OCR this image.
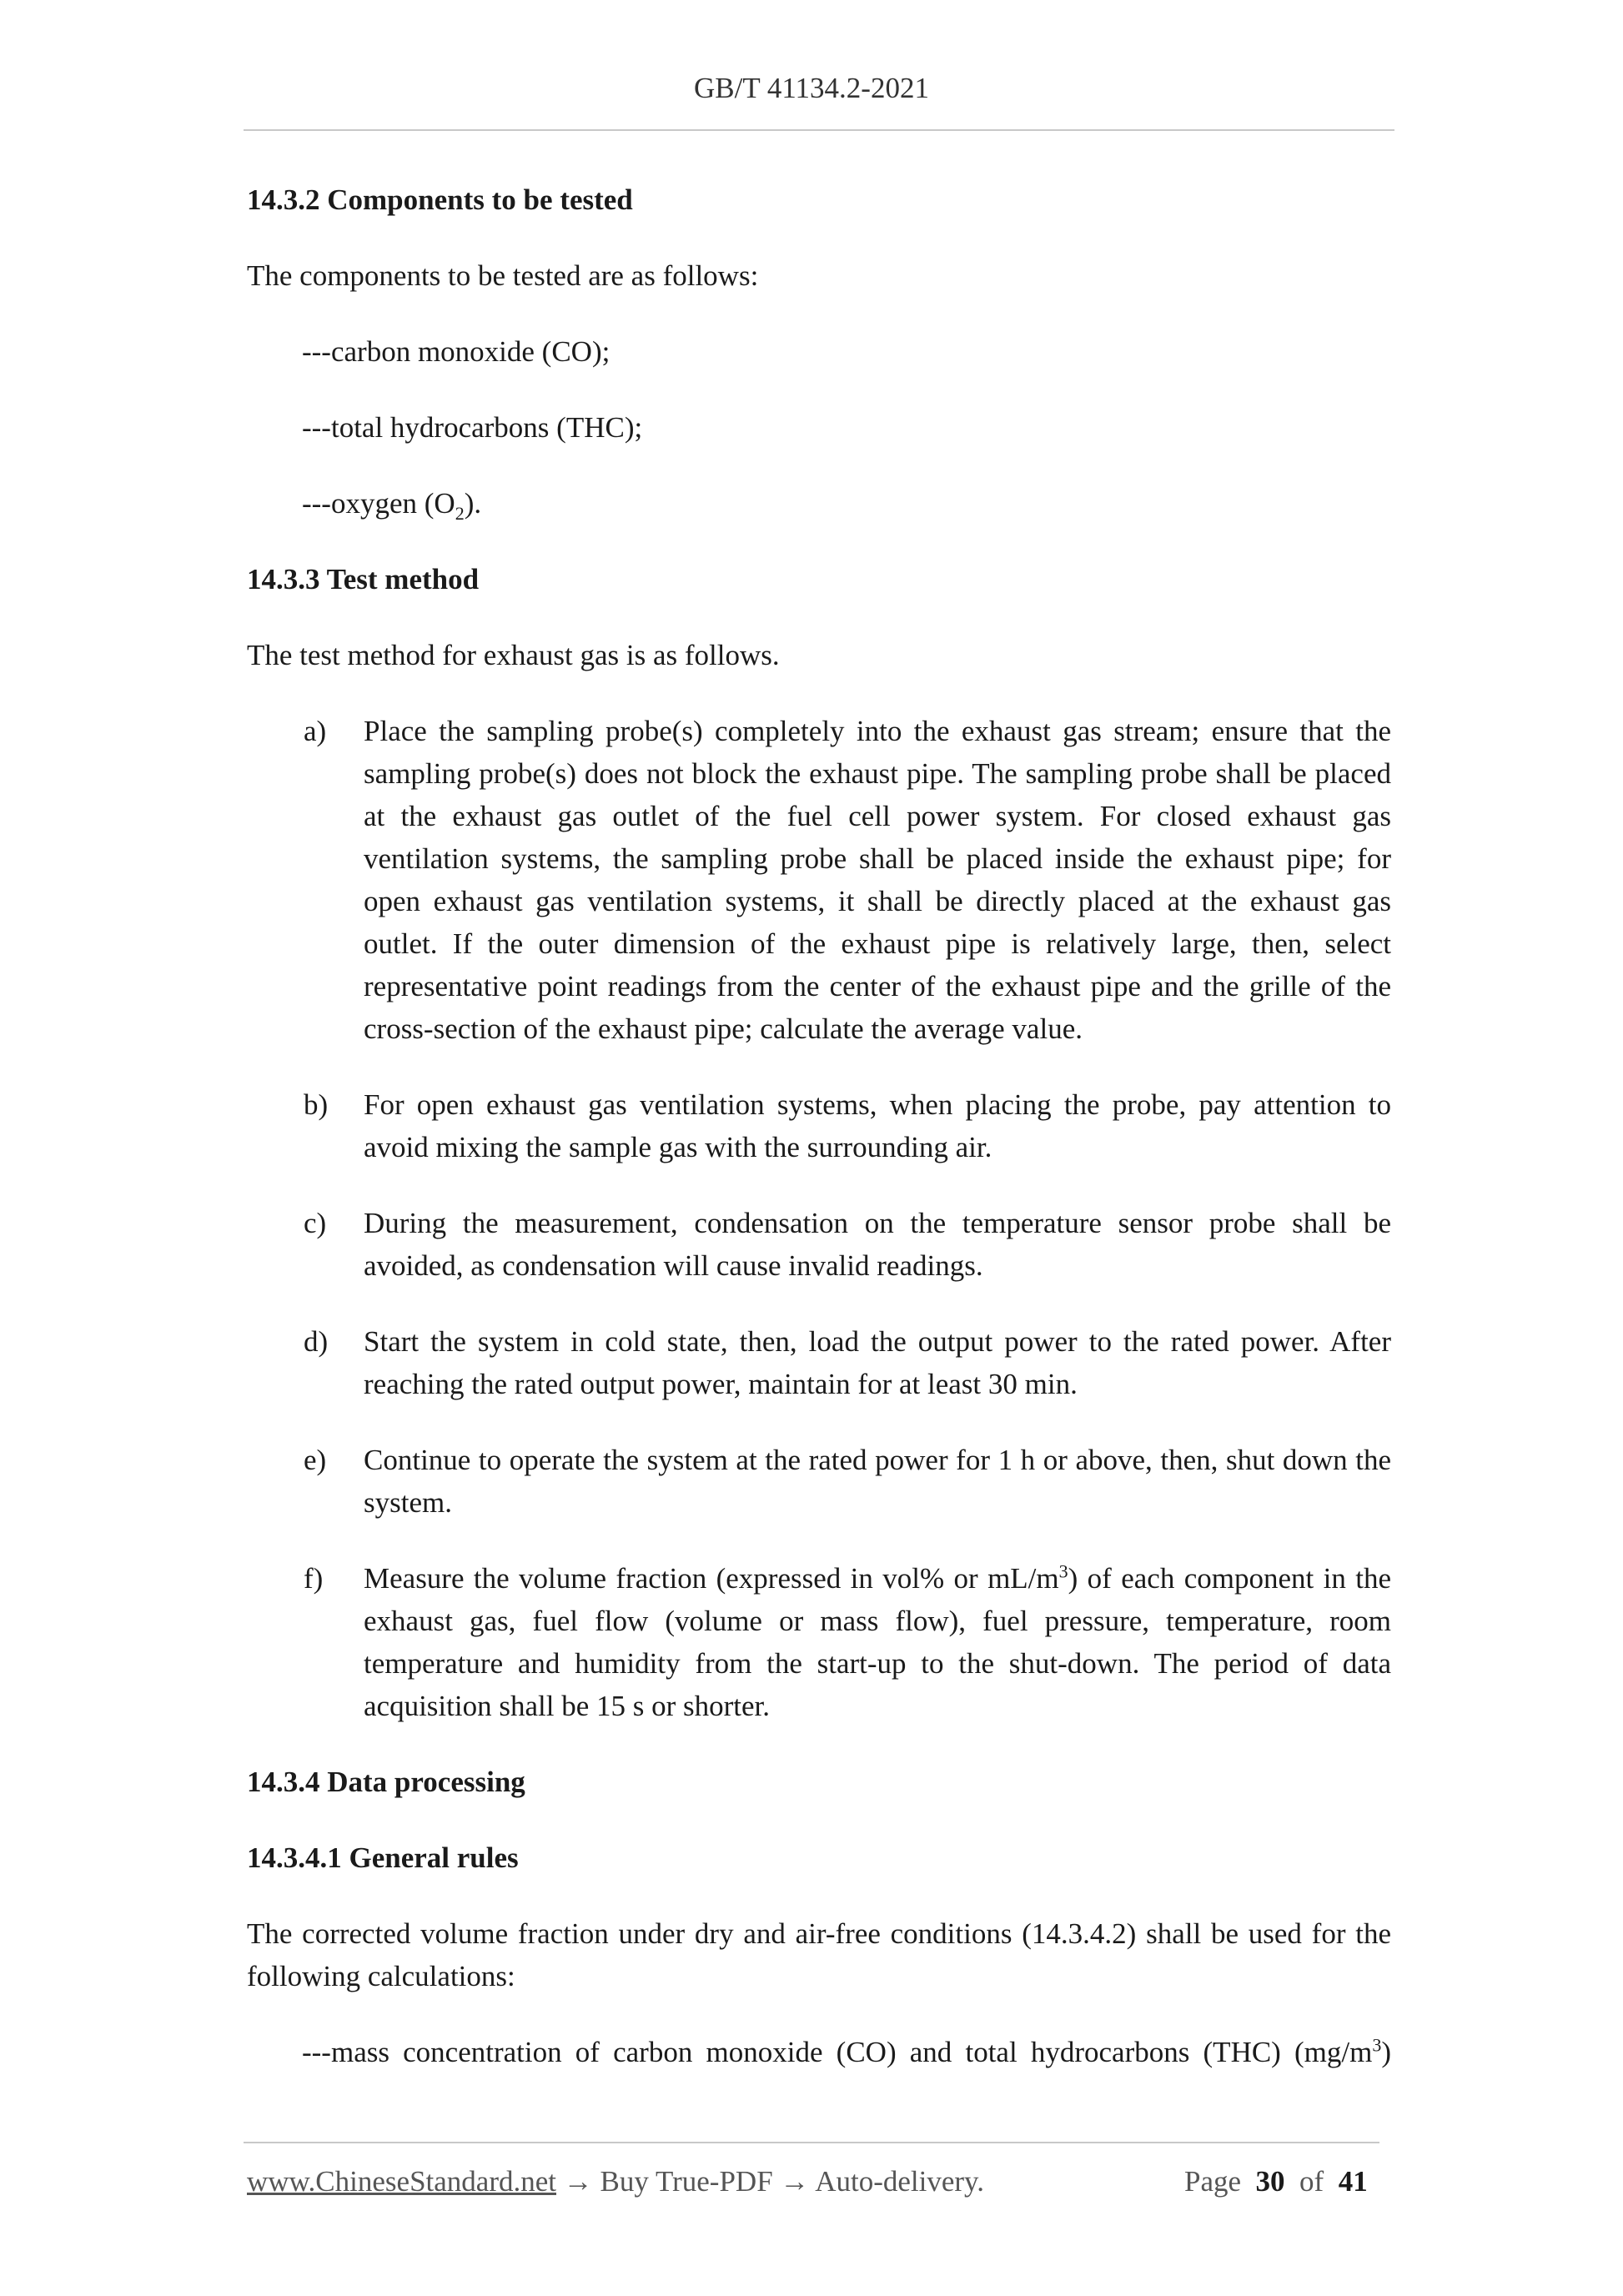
GB/T 41134.2-2021
14.3.2 Components to be tested
The components to be tested are as follows:
---carbon monoxide (CO);
---total hydrocarbons (THC);
---oxygen $(O_2)$.
14.3.3 Test method
The test method for exhaust gas is as follows.
a)	Place the sampling probe(s) completely into the exhaust gas stream; ensure that the sampling probe(s) does not block the exhaust pipe. The sampling probe shall be placed at the exhaust gas outlet of the fuel cell power system. For closed exhaust gas ventilation systems, the sampling probe shall be placed inside the exhaust pipe; for open exhaust gas ventilation systems, it shall be directly placed at the exhaust gas outlet. If the outer dimension of the exhaust pipe is relatively large, then, select representative point readings from the center of the exhaust pipe and the grille of the cross-section of the exhaust pipe; calculate the average value.
b)	For open exhaust gas ventilation systems, when placing the probe, pay attention to avoid mixing the sample gas with the surrounding air.
c)	During the measurement, condensation on the temperature sensor probe shall be avoided, as condensation will cause invalid readings.
d)	Start the system in cold state, then, load the output power to the rated power. After reaching the rated output power, maintain for at least 30 min.
e)	Continue to operate the system at the rated power for 1 h or above, then, shut down the system.
f)	Measure the volume fraction (expressed in vol% or $mL/m^3$) of each component in the exhaust gas, fuel flow (volume or mass flow), fuel pressure, temperature, room temperature and humidity from the start-up to the shut-down. The period of data acquisition shall be 15 s or shorter.
14.3.4 Data processing
14.3.4.1 General rules
The corrected volume fraction under dry and air-free conditions (14.3.4.2) shall be used for the following calculations:
---mass concentration of carbon monoxide (CO) and total hydrocarbons (THC) $(mg/m^3)$
www.ChineseStandard.net → Buy True-PDF → Auto-delivery.	Page 30 of 41
